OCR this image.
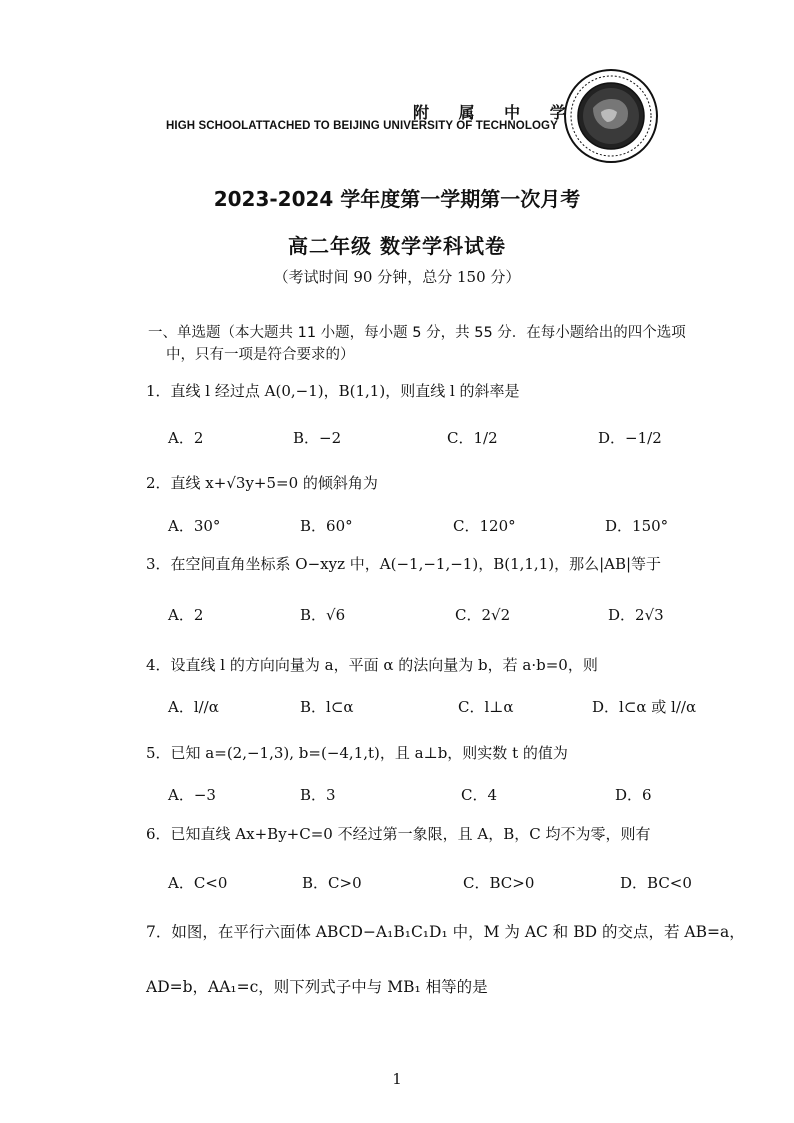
附 属 中 学
HIGH SCHOOLATTACHED TO BEIJING UNIVERSITY OF TECHNOLOGY
2023-2024 学年度第一学期第一次月考
高二年级 数学学科试卷
（考试时间 90 分钟，总分 150 分）
一、单选题（本大题共 11 小题，每小题 5 分，共 55 分．在每小题给出的四个选项
中，只有一项是符合要求的）
1．直线 l 经过点 A(0,−1)，B(1,1)，则直线 l 的斜率是
A．2	B．−2	C．1/2	D．−1/2
2．直线 x+√3y+5=0 的倾斜角为
A．30°	B．60°	C．120°	D．150°
3．在空间直角坐标系 O−xyz 中，A(−1,−1,−1)，B(1,1,1)，那么|AB|等于
A．2	B．√6	C．2√2	D．2√3
4．设直线 l 的方向向量为 a，平面 α 的法向量为 b，若 a·b=0，则
A．l//α	B．l⊂α	C．l⊥α	D．l⊂α 或 l//α
5．已知 a=(2,−1,3), b=(−4,1,t)，且 a⊥b，则实数 t 的值为
A．−3	B．3	C．4	D．6
6．已知直线 Ax+By+C=0 不经过第一象限，且 A，B，C 均不为零，则有
A．C<0	B．C>0	C．BC>0	D．BC<0
7．如图，在平行六面体 ABCD−A₁B₁C₁D₁ 中，M 为 AC 和 BD 的交点，若 AB=a，
AD=b，AA₁=c，则下列式子中与 MB₁ 相等的是
1
